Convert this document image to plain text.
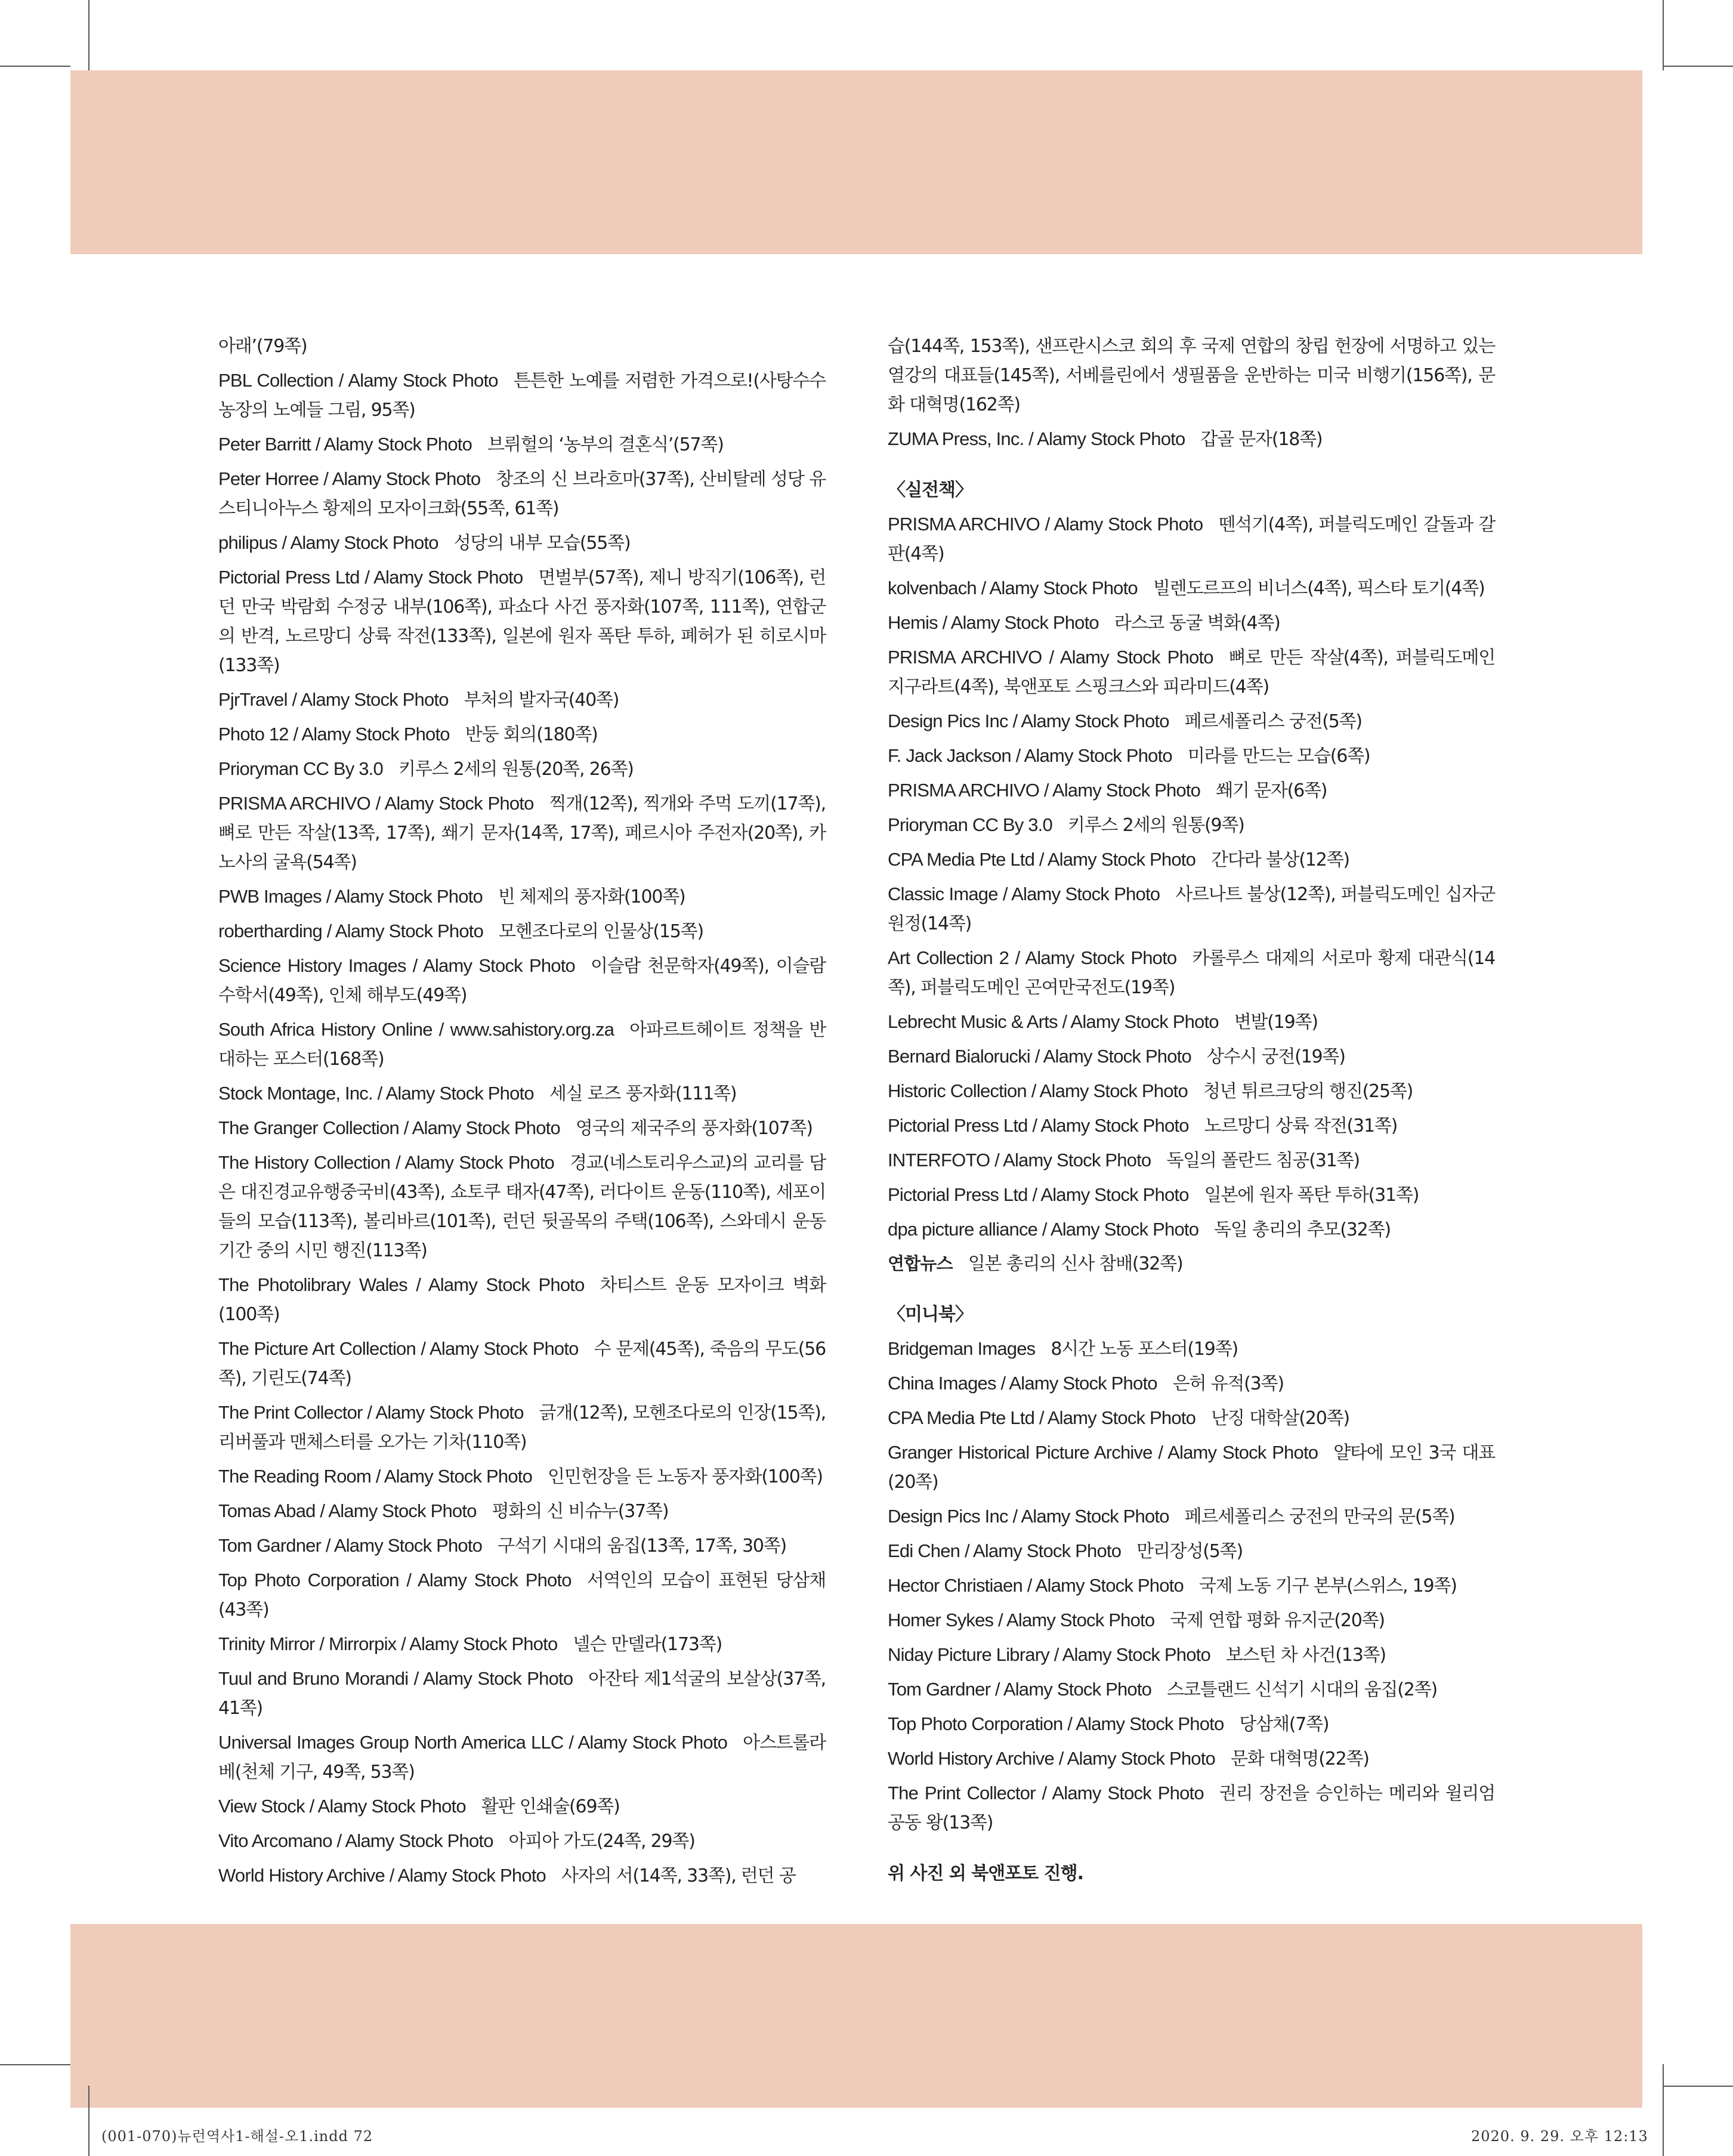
아래’(79쪽)
PBL Collection / Alamy Stock Photo 튼튼한 노예를 저렴한 가격으로!(사탕수수 농장의 노예들 그림, 95쪽)
Peter Barritt / Alamy Stock Photo 브뤼헐의 ‘농부의 결혼식’(57쪽)
Peter Horree / Alamy Stock Photo 창조의 신 브라흐마(37쪽), 산비탈레 성당 유스티니아누스 황제의 모자이크화(55쪽, 61쪽)
philipus / Alamy Stock Photo 성당의 내부 모습(55쪽)
Pictorial Press Ltd / Alamy Stock Photo 면벌부(57쪽), 제니 방직기(106쪽), 런던 만국 박람회 수정궁 내부(106쪽), 파쇼다 사건 풍자화(107쪽, 111쪽), 연합군의 반격, 노르망디 상륙 작전(133쪽), 일본에 원자 폭탄 투하, 폐허가 된 히로시마(133쪽)
PjrTravel / Alamy Stock Photo 부처의 발자국(40쪽)
Photo 12 / Alamy Stock Photo 반둥 회의(180쪽)
Prioryman CC By 3.0 키루스 2세의 원통(20쪽, 26쪽)
PRISMA ARCHIVO / Alamy Stock Photo 찍개(12쪽), 찍개와 주먹 도끼(17쪽), 뼈로 만든 작살(13쪽, 17쪽), 쐐기 문자(14쪽, 17쪽), 페르시아 주전자(20쪽), 카노사의 굴욕(54쪽)
PWB Images / Alamy Stock Photo 빈 체제의 풍자화(100쪽)
robertharding / Alamy Stock Photo 모헨조다로의 인물상(15쪽)
Science History Images / Alamy Stock Photo 이슬람 천문학자(49쪽), 이슬람 수학서(49쪽), 인체 해부도(49쪽)
South Africa History Online / www.sahistory.org.za 아파르트헤이트 정책을 반대하는 포스터(168쪽)
Stock Montage, Inc. / Alamy Stock Photo 세실 로즈 풍자화(111쪽)
The Granger Collection / Alamy Stock Photo 영국의 제국주의 풍자화(107쪽)
The History Collection / Alamy Stock Photo 경교(네스토리우스교)의 교리를 담은 대진경교유행중국비(43쪽), 쇼토쿠 태자(47쪽), 러다이트 운동(110쪽), 세포이들의 모습(113쪽), 볼리바르(101쪽), 런던 뒷골목의 주택(106쪽), 스와데시 운동 기간 중의 시민 행진(113쪽)
The Photolibrary Wales / Alamy Stock Photo 차티스트 운동 모자이크 벽화(100쪽)
The Picture Art Collection / Alamy Stock Photo 수 문제(45쪽), 죽음의 무도(56쪽), 기린도(74쪽)
The Print Collector / Alamy Stock Photo 긁개(12쪽), 모헨조다로의 인장(15쪽), 리버풀과 맨체스터를 오가는 기차(110쪽)
The Reading Room / Alamy Stock Photo 인민헌장을 든 노동자 풍자화(100쪽)
Tomas Abad / Alamy Stock Photo 평화의 신 비슈누(37쪽)
Tom Gardner / Alamy Stock Photo 구석기 시대의 움집(13쪽, 17쪽, 30쪽)
Top Photo Corporation / Alamy Stock Photo 서역인의 모습이 표현된 당삼채(43쪽)
Trinity Mirror / Mirrorpix / Alamy Stock Photo 넬슨 만델라(173쪽)
Tuul and Bruno Morandi / Alamy Stock Photo 아잔타 제1석굴의 보살상(37쪽, 41쪽)
Universal Images Group North America LLC / Alamy Stock Photo 아스트롤라베(천체 기구, 49쪽, 53쪽)
View Stock / Alamy Stock Photo 활판 인쇄술(69쪽)
Vito Arcomano / Alamy Stock Photo 아피아 가도(24쪽, 29쪽)
World History Archive / Alamy Stock Photo 사자의 서(14쪽, 33쪽), 런던 공
습(144쪽, 153쪽), 샌프란시스코 회의 후 국제 연합의 창립 헌장에 서명하고 있는 열강의 대표들(145쪽), 서베를린에서 생필품을 운반하는 미국 비행기(156쪽), 문화 대혁명(162쪽)
ZUMA Press, Inc. / Alamy Stock Photo 갑골 문자(18쪽)
〈실전책〉
PRISMA ARCHIVO / Alamy Stock Photo 뗀석기(4쪽), 퍼블릭도메인 갈돌과 갈판(4쪽)
kolvenbach / Alamy Stock Photo 빌렌도르프의 비너스(4쪽), 픽스타 토기(4쪽)
Hemis / Alamy Stock Photo 라스코 동굴 벽화(4쪽)
PRISMA ARCHIVO / Alamy Stock Photo 뼈로 만든 작살(4쪽), 퍼블릭도메인 지구라트(4쪽), 북앤포토 스핑크스와 피라미드(4쪽)
Design Pics Inc / Alamy Stock Photo 페르세폴리스 궁전(5쪽)
F. Jack Jackson / Alamy Stock Photo 미라를 만드는 모습(6쪽)
PRISMA ARCHIVO / Alamy Stock Photo 쐐기 문자(6쪽)
Prioryman CC By 3.0 키루스 2세의 원통(9쪽)
CPA Media Pte Ltd / Alamy Stock Photo 간다라 불상(12쪽)
Classic Image / Alamy Stock Photo 사르나트 불상(12쪽), 퍼블릭도메인 십자군 원정(14쪽)
Art Collection 2 / Alamy Stock Photo 카롤루스 대제의 서로마 황제 대관식(14쪽), 퍼블릭도메인 곤여만국전도(19쪽)
Lebrecht Music & Arts / Alamy Stock Photo 변발(19쪽)
Bernard Bialorucki / Alamy Stock Photo 상수시 궁전(19쪽)
Historic Collection / Alamy Stock Photo 청년 튀르크당의 행진(25쪽)
Pictorial Press Ltd / Alamy Stock Photo 노르망디 상륙 작전(31쪽)
INTERFOTO / Alamy Stock Photo 독일의 폴란드 침공(31쪽)
Pictorial Press Ltd / Alamy Stock Photo 일본에 원자 폭탄 투하(31쪽)
dpa picture alliance / Alamy Stock Photo 독일 총리의 추모(32쪽)
연합뉴스 일본 총리의 신사 참배(32쪽)
〈미니북〉
Bridgeman Images 8시간 노동 포스터(19쪽)
China Images / Alamy Stock Photo 은허 유적(3쪽)
CPA Media Pte Ltd / Alamy Stock Photo 난징 대학살(20쪽)
Granger Historical Picture Archive / Alamy Stock Photo 얄타에 모인 3국 대표(20쪽)
Design Pics Inc / Alamy Stock Photo 페르세폴리스 궁전의 만국의 문(5쪽)
Edi Chen / Alamy Stock Photo 만리장성(5쪽)
Hector Christiaen / Alamy Stock Photo 국제 노동 기구 본부(스위스, 19쪽)
Homer Sykes / Alamy Stock Photo 국제 연합 평화 유지군(20쪽)
Niday Picture Library / Alamy Stock Photo 보스턴 차 사건(13쪽)
Tom Gardner / Alamy Stock Photo 스코틀랜드 신석기 시대의 움집(2쪽)
Top Photo Corporation / Alamy Stock Photo 당삼채(7쪽)
World History Archive / Alamy Stock Photo 문화 대혁명(22쪽)
The Print Collector / Alamy Stock Photo 권리 장전을 승인하는 메리와 윌리엄 공동 왕(13쪽)
위 사진 외 북앤포토 진행.
(001-070)뉴런역사1-해설-오1.indd 72	2020. 9. 29. 오후 12:13
